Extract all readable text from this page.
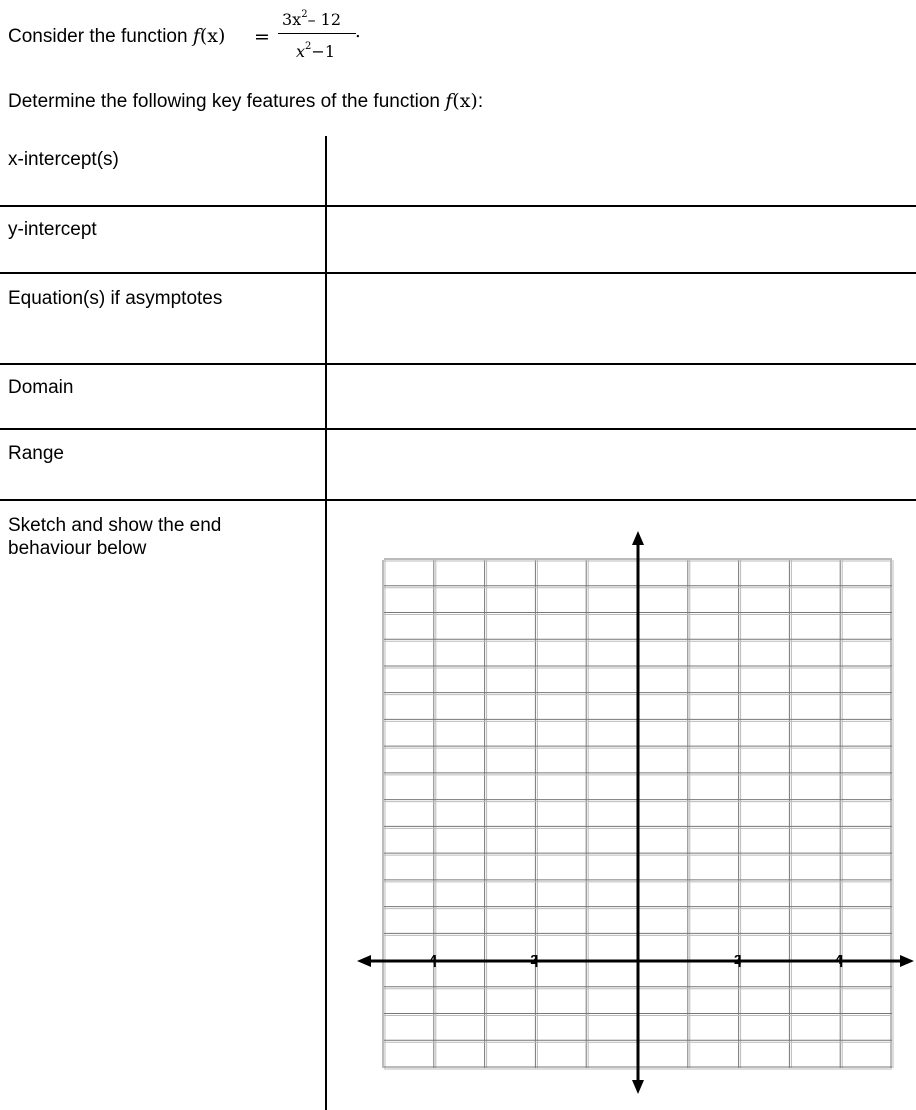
Consider the function f(x) =
$3x^2-$ 12
.
$x^2-1$
Determine the following key features of the function f(x):
x-intercept(s)
y-intercept
Equation(s) if asymptotes
Domain
Range
Sketch and show the end behaviour below
-4	-2	2	4
